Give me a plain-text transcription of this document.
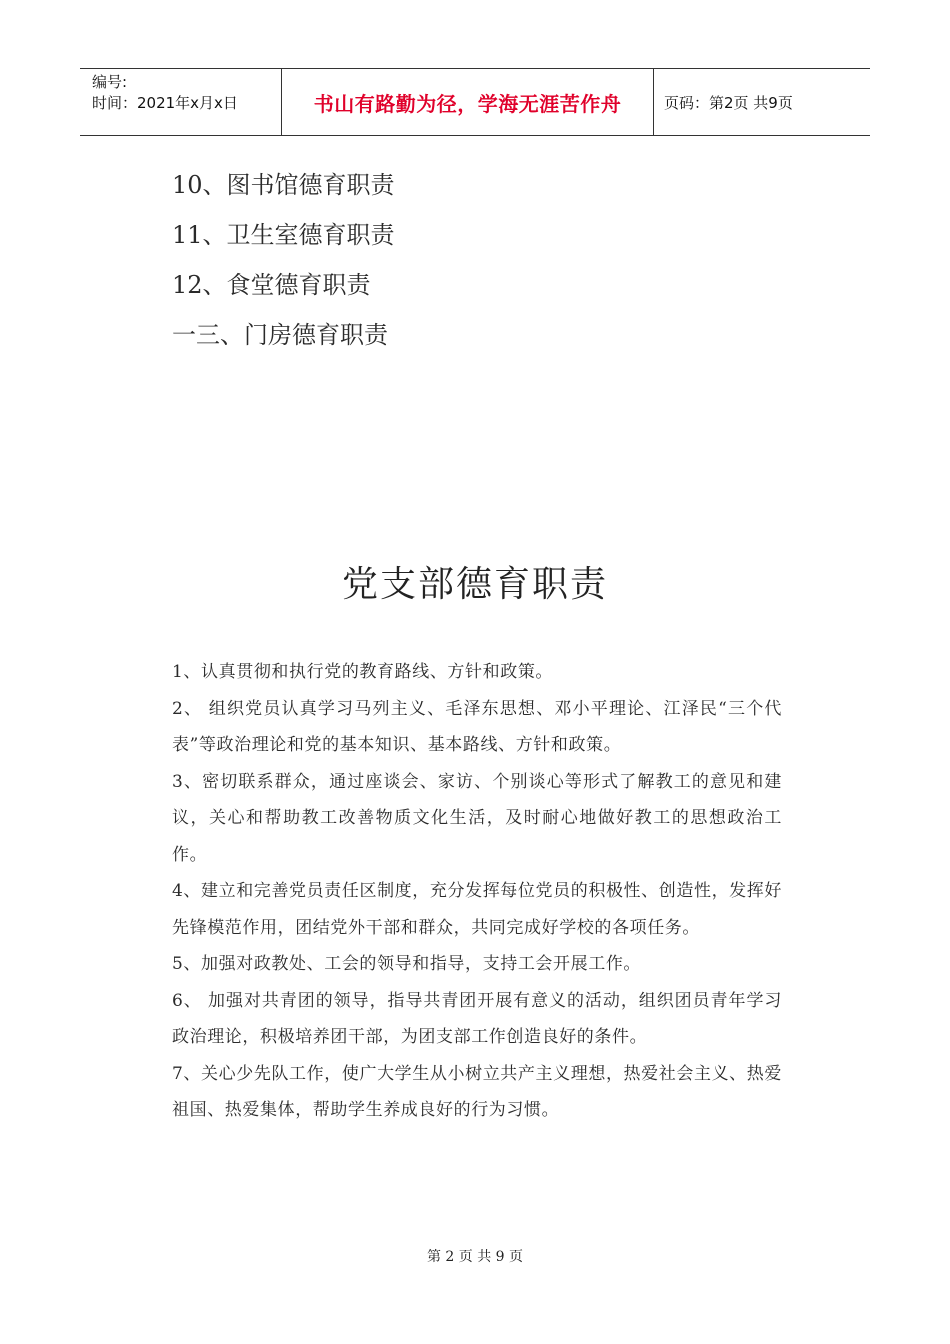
编号:
时间：2021年x月x日	书山有路勤为径，学海无涯苦作舟	页码：第2页 共9页
10、图书馆德育职责
11、卫生室德育职责
12、食堂德育职责
一三、门房德育职责
党支部德育职责

1、认真贯彻和执行党的教育路线、方针和政策。

2、 组织党员认真学习马列主义、毛泽东思想、邓小平理论、江泽民“三个代表”等政治理论和党的基本知识、基本路线、方针和政策。

3、密切联系群众，通过座谈会、家访、个别谈心等形式了解教工的意见和建议，关心和帮助教工改善物质文化生活，及时耐心地做好教工的思想政治工作。

4、建立和完善党员责任区制度，充分发挥每位党员的积极性、创造性，发挥好先锋模范作用，团结党外干部和群众，共同完成好学校的各项任务。

5、加强对政教处、工会的领导和指导，支持工会开展工作。

6、 加强对共青团的领导，指导共青团开展有意义的活动，组织团员青年学习政治理论，积极培养团干部，为团支部工作创造良好的条件。

7、关心少先队工作，使广大学生从小树立共产主义理想，热爱社会主义、热爱祖国、热爱集体，帮助学生养成良好的行为习惯。

第 2 页 共 9 页
